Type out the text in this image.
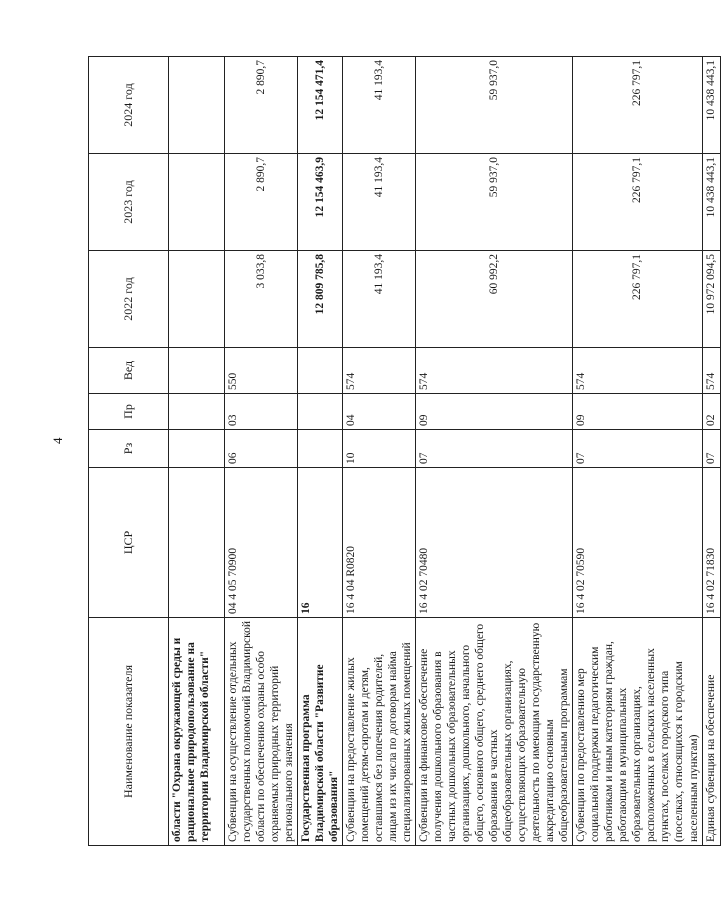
4
Наименование показателя	ЦСР	Рз	Пр	Вед	2022 год	2023 год	2024 год
области "Охрана окружающей среды и рациональное природопользование на территории Владимирской области"							
Субвенции на осуществление отдельных государственных полномочий Владимирской области по обеспечению охраны особо охраняемых природных территорий регионального значения	04 4 05 70900	06	03	550	3 033,8	2 890,7	2 890,7
Государственная программа Владимирской области "Развитие образования"	16				12 809 785,8	12 154 463,9	12 154 471,4
Субвенции на предоставление жилых помещений детям-сиротам и детям, оставшимся без попечения родителей, лицам из их числа по договорам найма специализированных жилых помещений	16 4 04 R0820	10	04	574	41 193,4	41 193,4	41 193,4
Субвенции на финансовое обеспечение получения дошкольного образования в частных дошкольных образовательных организациях, дошкольного, начального общего, основного общего, среднего общего образования в частных общеобразовательных организациях, осуществляющих образовательную деятельность по имеющим государственную аккредитацию основным общеобразовательным программам	16 4 02 70480	07	09	574	60 992,2	59 937,0	59 937,0
Субвенции по предоставлению мер социальной поддержки педагогическим работникам и иным категориям граждан, работающим в муниципальных образовательных организациях, расположенных в сельских населенных пунктах, поселках городского типа (поселках, относящихся к городским населенным пунктам)	16 4 02 70590	07	09	574	226 797,1	226 797,1	226 797,1
Единая субвенция на обеспечение	16 4 02 71830	07	02	574	10 972 094,5	10 438 443,1	10 438 443,1
